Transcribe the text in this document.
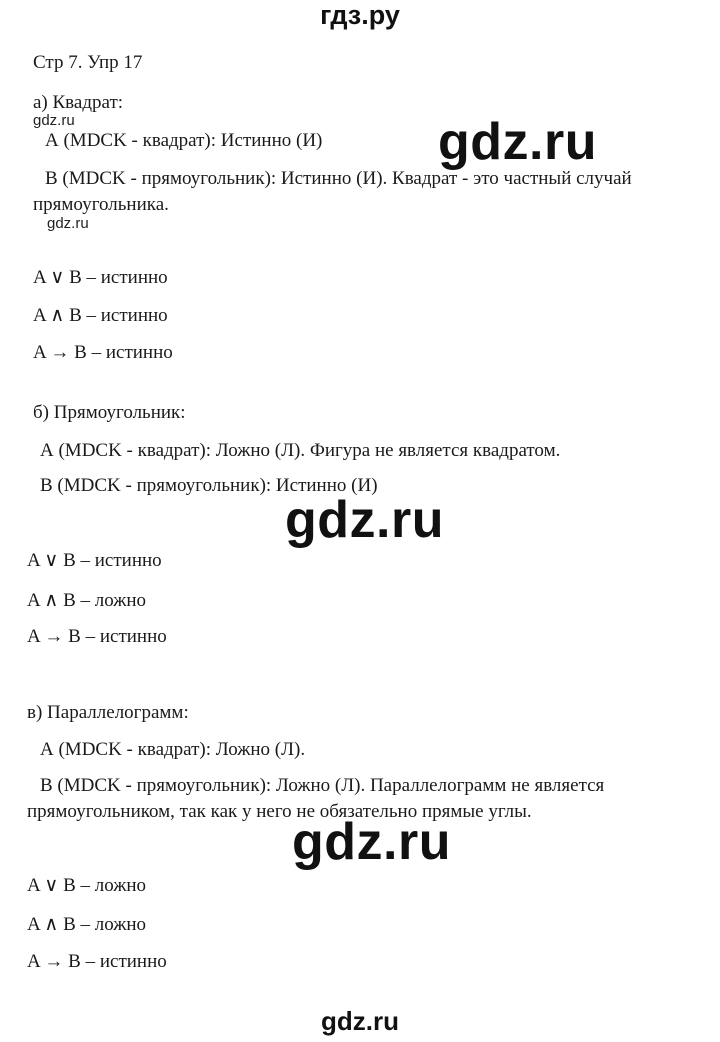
гдз.ру
Стр 7. Упр 17
а) Квадрат:
gdz.ru
А (MDCK - квадрат): Истинно (И) gdz.ru
В (MDCK - прямоугольник): Истинно (И). Квадрат - это частный случай
прямоугольника.
gdz.ru
A ∨ B – истинно
A ∧ B – истинно
A → B – истинно
б) Прямоугольник:
А (MDCK - квадрат): Ложно (Л). Фигура не является квадратом.
В (MDCK - прямоугольник): Истинно (И)
gdz.ru
A ∨ B – истинно
A ∧ B – ложно
A → B – истинно
в) Параллелограмм:
А (MDCK - квадрат): Ложно (Л).
В (MDCK - прямоугольник): Ложно (Л). Параллелограмм не является
прямоугольником, так как у него не обязательно прямые углы.
gdz.ru
A ∨ B – ложно
A ∧ B – ложно
A → B – истинно
gdz.ru
